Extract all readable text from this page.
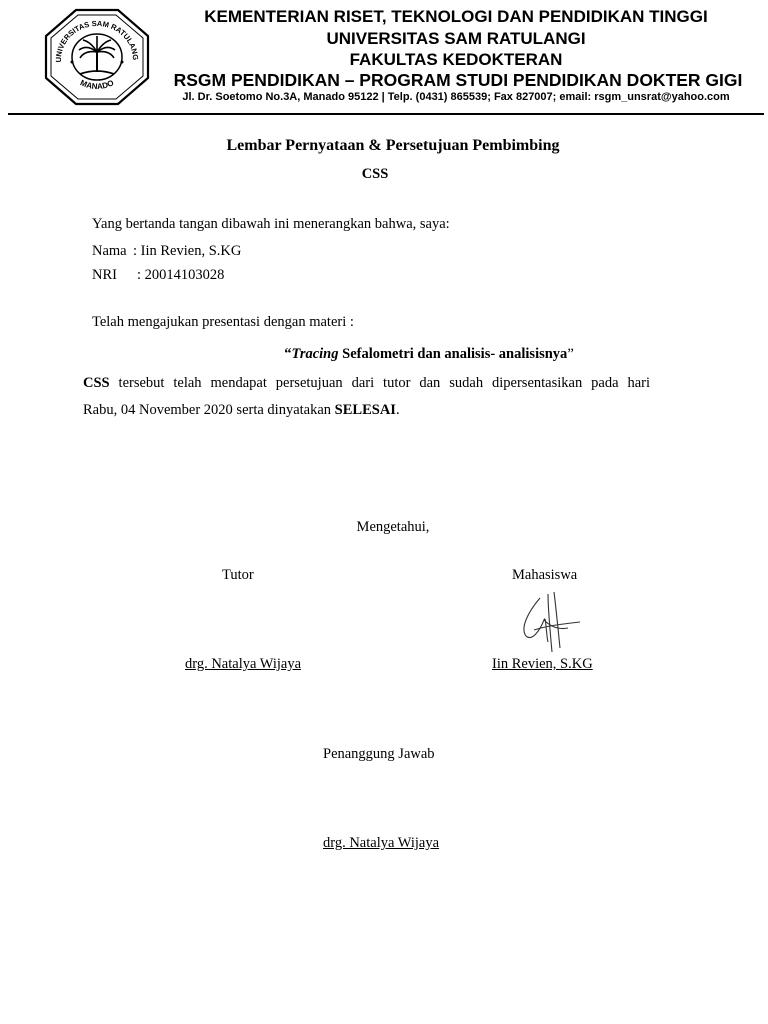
UNIVERSITAS SAM RATULANG
MANADO
KEMENTERIAN RISET, TEKNOLOGI DAN PENDIDIKAN TINGGI
UNIVERSITAS SAM RATULANGI
FAKULTAS KEDOKTERAN
RSGM PENDIDIKAN – PROGRAM STUDI PENDIDIKAN DOKTER GIGI
Jl. Dr. Soetomo No.3A, Manado 95122 | Telp. (0431) 865539; Fax 827007; email: rsgm_unsrat@yahoo.com
Lembar Pernyataan & Persetujuan Pembimbing
CSS
Yang bertanda tangan dibawah ini menerangkan bahwa, saya:
Nama : Iin Revien, S.KG
NRI : 20014103028
Telah mengajukan presentasi dengan materi :
“Tracing Sefalometri dan analisis- analisisnya”
CSS tersebut telah mendapat persetujuan dari tutor dan sudah dipersentasikan pada hari
Rabu, 04 November 2020 serta dinyatakan SELESAI.
Mengetahui,
Tutor	Mahasiswa
drg. Natalya Wijaya	Iin Revien, S.KG
Penanggung Jawab
drg. Natalya Wijaya
